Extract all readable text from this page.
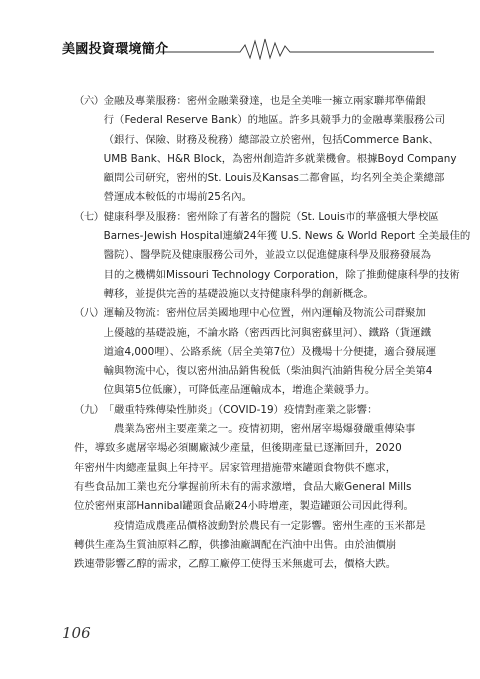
美國投資環境簡介
（六） 金融及專業服務：密州金融業發達，也是全美唯一擁立兩家聯邦準備銀
行（Federal Reserve Bank）的地區。許多具競爭力的金融專業服務公司
（銀行、保險、財務及稅務）總部設立於密州，包括Commerce Bank、
UMB Bank、H&R Block，為密州創造許多就業機會。根據Boyd Company
顧問公司研究，密州的St. Louis及Kansas二都會區，均名列全美企業總部
營運成本較低的市場前25名內。
（七） 健康科學及服務：密州除了有著名的醫院（St. Louis市的華盛頓大學校區
Barnes-Jewish Hospital連續24年獲 U.S. News & World Report 全美最佳的
醫院）、醫學院及健康服務公司外，並設立以促進健康科學及服務發展為
目的之機構如Missouri Technology Corporation，除了推動健康科學的技術
轉移，並提供完善的基礎設施以支持健康科學的創新概念。
（八） 運輸及物流：密州位居美國地理中心位置，州內運輸及物流公司群聚加
上優越的基礎設施，不論水路（密西西比河與密蘇里河）、鐵路（貨運鐵
道逾4,000哩）、公路系統（居全美第7位）及機場十分便捷，適合發展運
輸與物流中心，復以密州油品銷售稅低（柴油與汽油銷售稅分居全美第4
位與第5位低廉），可降低產品運輸成本，增進企業競爭力。
（九） 「嚴重特殊傳染性肺炎」（COVID-19）疫情對產業之影響：
農業為密州主要產業之一。疫情初期，密州屠宰場爆發嚴重傳染事
件，導致多處屠宰場必須關廠減少產量，但後期產量已逐漸回升，2020
年密州牛肉總產量與上年持平。居家管理措施帶來罐頭食物供不應求，
有些食品加工業也充分掌握前所未有的需求激增，食品大廠General Mills
位於密州東部Hannibal罐頭食品廠24小時增產，製造罐頭公司因此得利。
疫情造成農產品價格波動對於農民有一定影響。密州生產的玉米都是
轉供生產為生質油原料乙醇，供摻油廠調配在汽油中出售。由於油價崩
跌連帶影響乙醇的需求，乙醇工廠停工使得玉米無處可去，價格大跌。
106
